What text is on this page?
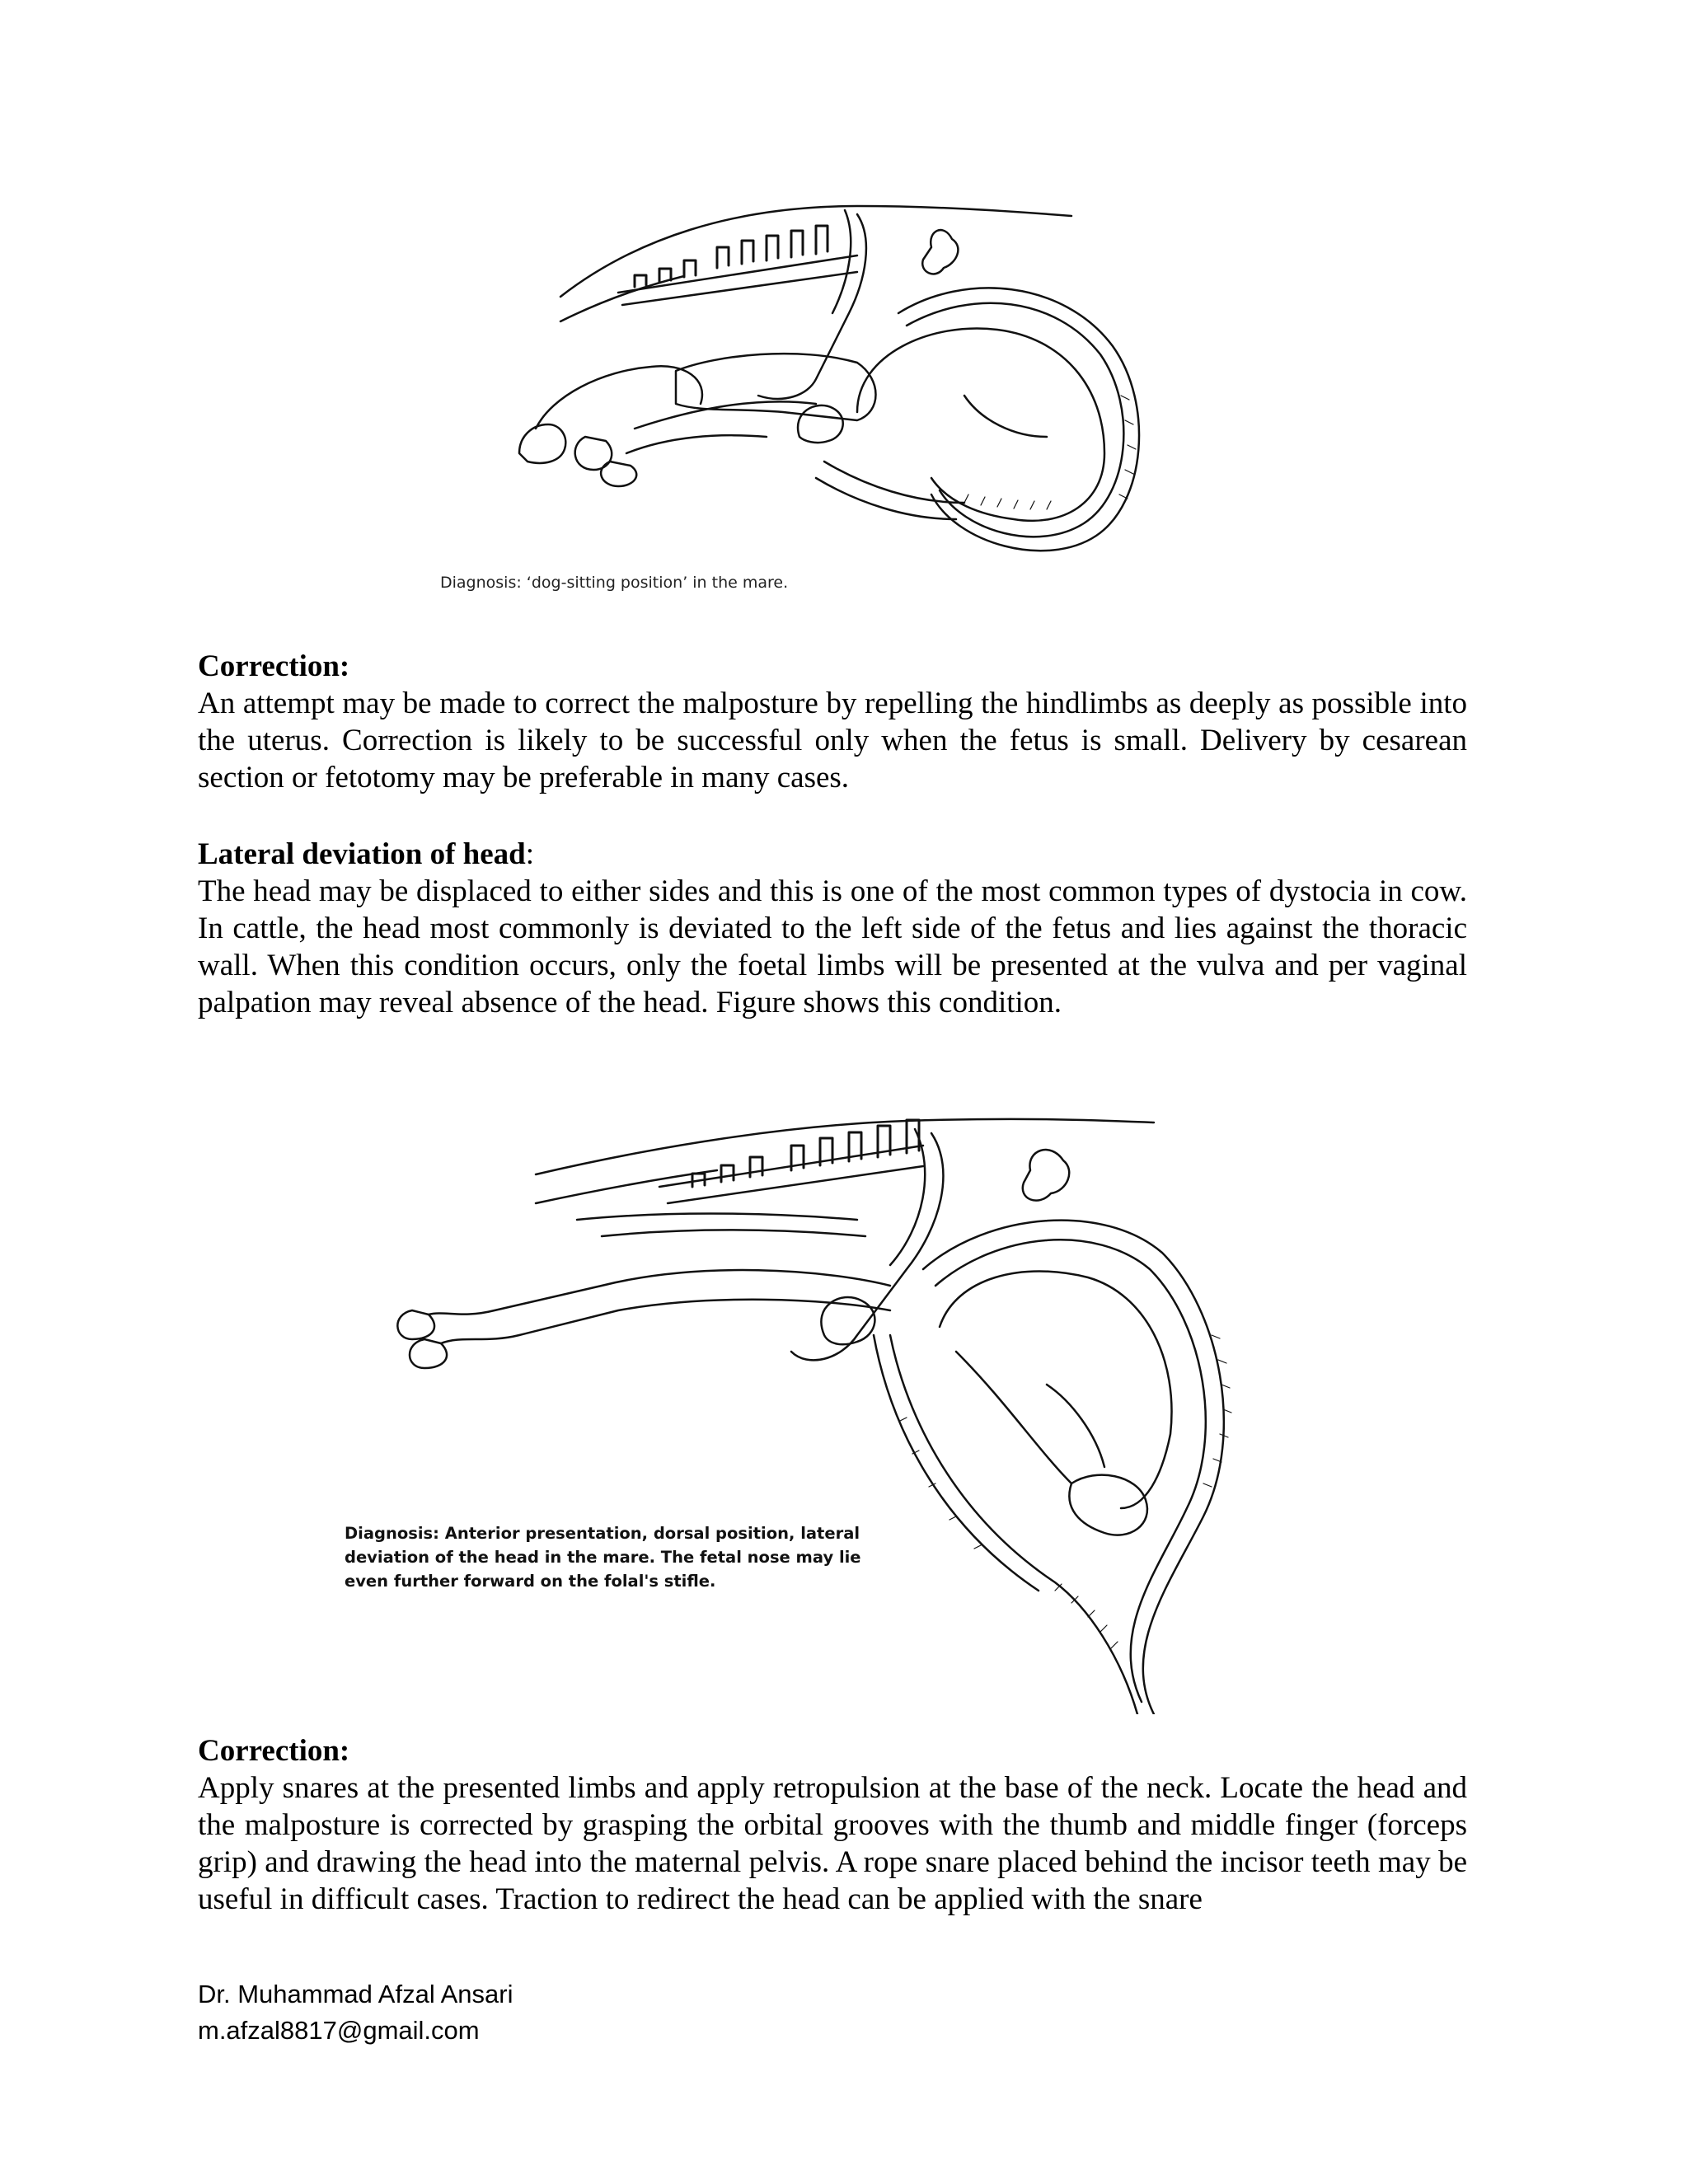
Diagnosis: ‘dog-sitting position’ in the mare.
Correction:

An attempt may be made to correct the malposture by repelling the hindlimbs as deeply as possible into the uterus. Correction is likely to be successful only when the fetus is small. Delivery by cesarean section or fetotomy may be preferable in many cases.

Lateral deviation of head:

The head may be displaced to either sides and this is one of the most common types of dystocia in cow. In cattle, the head most commonly is deviated to the left side of the fetus and lies against the thoracic wall. When this condition occurs, only the foetal limbs will be presented at the vulva and per vaginal palpation may reveal absence of the head. Figure shows this condition.

Diagnosis: Anterior presentation, dorsal position, lateral
deviation of the head in the mare. The fetal nose may lie
even further forward on the folal's stifle.
Correction:

Apply snares at the presented limbs and apply retropulsion at the base of the neck. Locate the head and the malposture is corrected by grasping the orbital grooves with the thumb and middle finger (forceps grip) and drawing the head into the maternal pelvis. A rope snare placed behind the incisor teeth may be useful in difficult cases. Traction to redirect the head can be applied with the snare

Dr. Muhammad Afzal Ansari
m.afzal8817@gmail.com
